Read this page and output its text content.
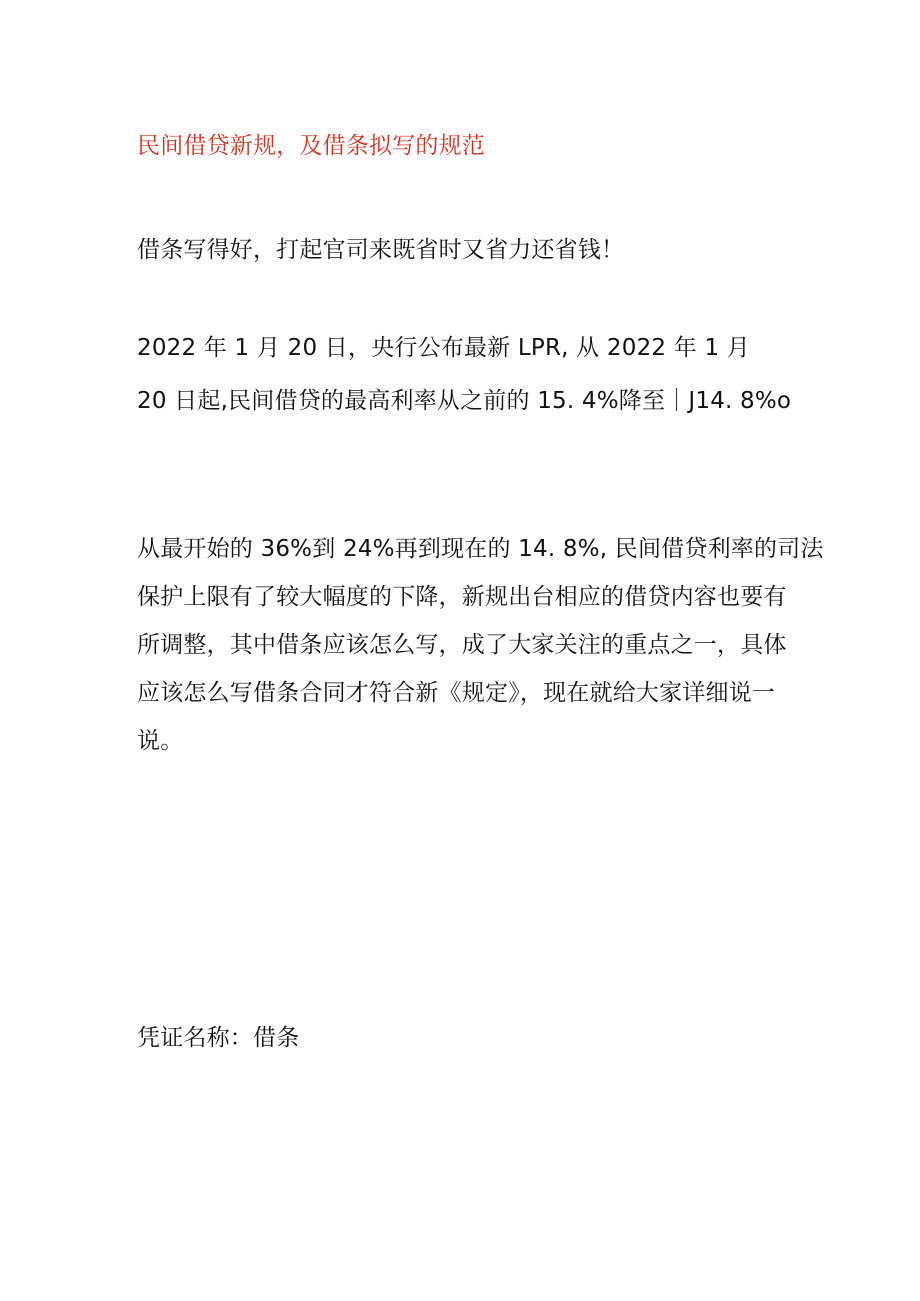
民间借贷新规，及借条拟写的规范

借条写得好，打起官司来既省时又省力还省钱！

2022 年 1 月 20 日，央行公布最新 LPR, 从 2022 年 1 月

20 日起,民间借贷的最高利率从之前的 15. 4%降至｜J14. 8%o

从最开始的 36%到 24%再到现在的 14. 8%, 民间借贷利率的司法

保护上限有了较大幅度的下降，新规出台相应的借贷内容也要有

所调整，其中借条应该怎么写，成了大家关注的重点之一，具体

应该怎么写借条合同才符合新《规定》，现在就给大家详细说一

说。

凭证名称：借条
